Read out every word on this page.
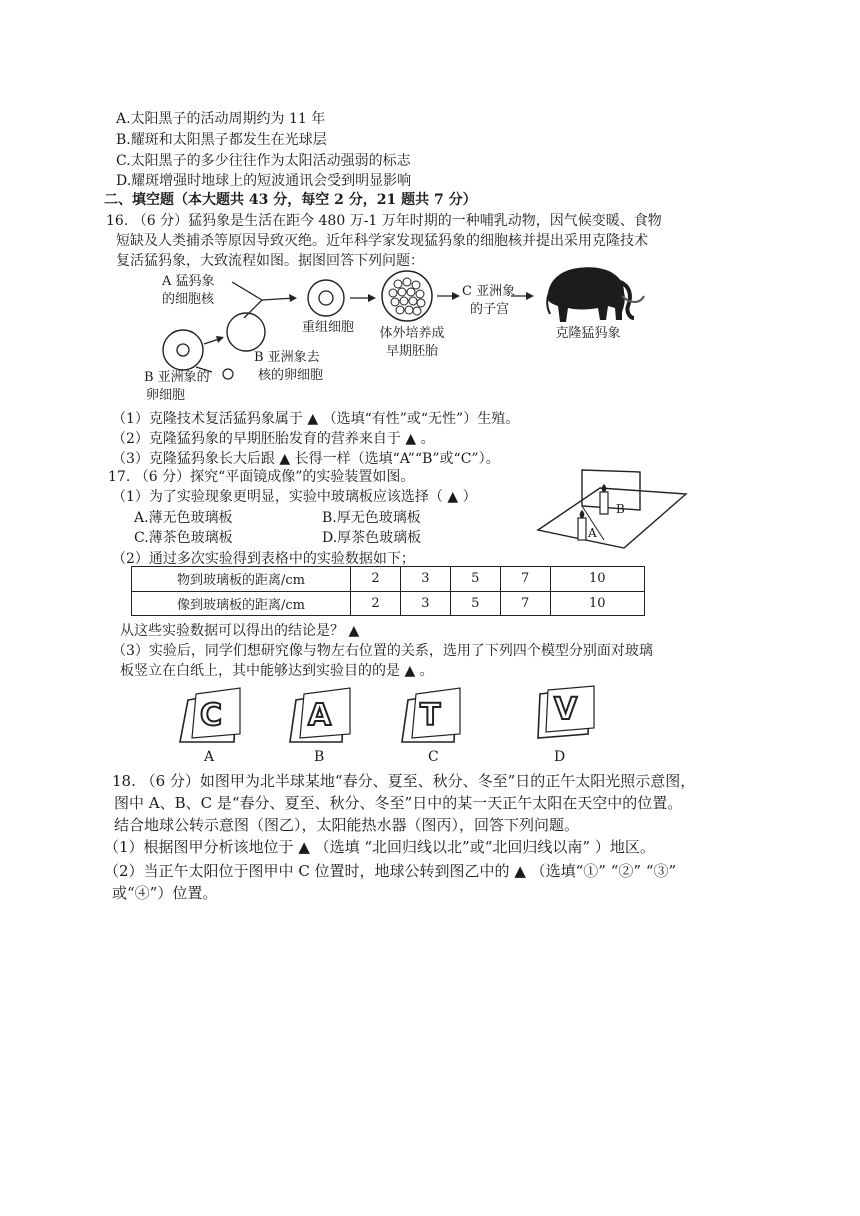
A.太阳黑子的活动周期约为 11 年
B.耀斑和太阳黑子都发生在光球层
C.太阳黑子的多少往往作为太阳活动强弱的标志
D.耀斑增强时地球上的短波通讯会受到明显影响
二、填空题（本大题共 43 分，每空 2 分，21 题共 7 分）
16. （6 分）猛犸象是生活在距今 480 万-1 万年时期的一种哺乳动物，因气候变暖、食物
短缺及人类捕杀等原因导致灭绝。近年科学家发现猛犸象的细胞核并提出采用克隆技术
复活猛犸象，大致流程如图。据图回答下列问题：
A 猛犸象
的细胞核
重组细胞	体外培养成
早期胚胎
C 亚洲象
的子宫
克隆猛犸象
B 亚洲象去
核的卵细胞
B 亚洲象的
卵细胞
（1）克隆技术复活猛犸象属于 ▲ （选填“有性”或“无性”）生殖。
（2）克隆猛犸象的早期胚胎发育的营养来自于 ▲ 。
（3）克隆猛犸象长大后跟 ▲ 长得一样（选填“A”“B”或“C”）。
17. （6 分）探究“平面镜成像”的实验装置如图。
（1）为了实验现象更明显，实验中玻璃板应该选择（ ▲ ）
A.薄无色玻璃板	B.厚无色玻璃板
C.薄茶色玻璃板	D.厚茶色玻璃板
B
A
（2）通过多次实验得到表格中的实验数据如下；
物到玻璃板的距离/cm	2	3	5	7	10
像到玻璃板的距离/cm	2	3	5	7	10
从这些实验数据可以得出的结论是？ ▲
（3）实验后，同学们想研究像与物左右位置的关系，选用了下列四个模型分别面对玻璃
板竖立在白纸上，其中能够达到实验目的的是 ▲ 。
C	A	T	V
A	B	C	D
18. （6 分）如图甲为北半球某地“春分、夏至、秋分、冬至”日的正午太阳光照示意图，
图中 A、B、C 是“春分、夏至、秋分、冬至”日中的某一天正午太阳在天空中的位置。
结合地球公转示意图（图乙），太阳能热水器（图丙），回答下列问题。
（1）根据图甲分析该地位于 ▲ （选填 “北回归线以北”或“北回归线以南” ）地区。
（2）当正午太阳位于图甲中 C 位置时，地球公转到图乙中的 ▲ （选填“①” “②” “③”
或“④”）位置。
